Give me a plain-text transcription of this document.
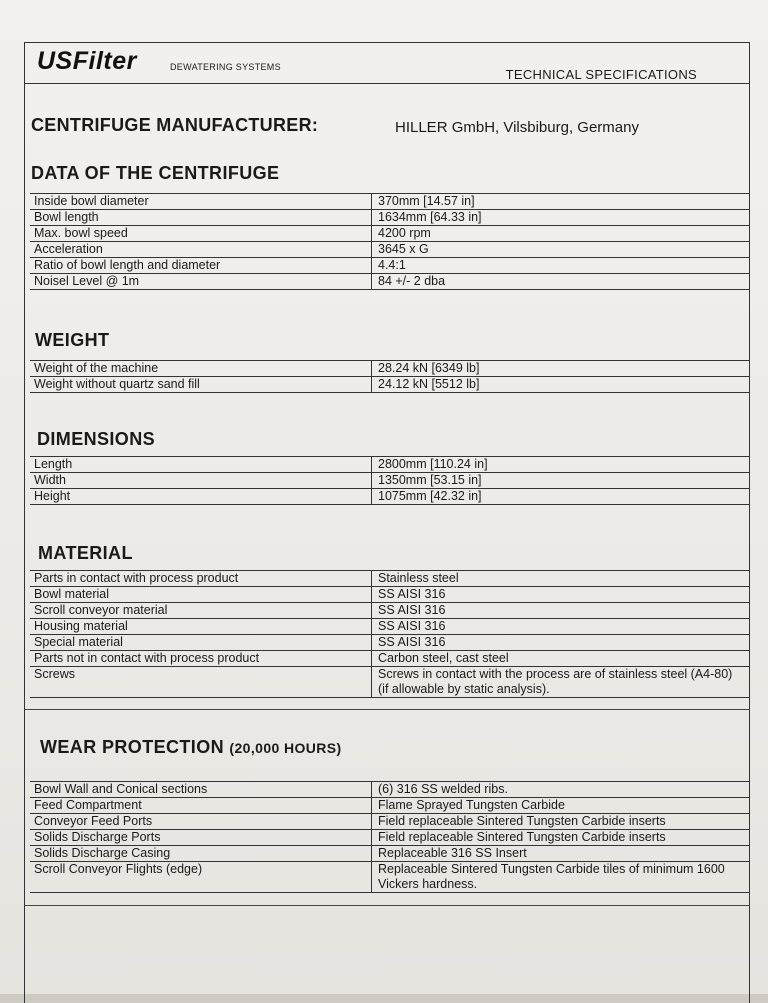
USFilter	DEWATERING SYSTEMS	TECHNICAL SPECIFICATIONS
CENTRIFUGE MANUFACTURER:	HILLER GmbH, Vilsbiburg, Germany
DATA OF THE CENTRIFUGE
Inside bowl diameter	370mm [14.57 in]
Bowl length	1634mm [64.33 in]
Max. bowl speed	4200 rpm
Acceleration	3645 x G
Ratio of bowl length and diameter	4.4:1
Noisel Level @ 1m	84 +/- 2 dba
WEIGHT
Weight of the machine	28.24 kN [6349 lb]
Weight without quartz sand fill	24.12 kN [5512 lb]
DIMENSIONS
Length	2800mm [110.24 in]
Width	1350mm [53.15 in]
Height	1075mm [42.32 in]
MATERIAL
Parts in contact with process product	Stainless steel
Bowl material	SS AISI 316
Scroll conveyor material	SS AISI 316
Housing material	SS AISI 316
Special material	SS AISI 316
Parts not in contact with process product	Carbon steel, cast steel
Screws	Screws in contact with the process are of stainless steel (A4-80) (if allowable by static analysis).
WEAR PROTECTION (20,000 HOURS)
Bowl Wall and Conical sections	(6) 316 SS welded ribs.
Feed Compartment	Flame Sprayed Tungsten Carbide
Conveyor Feed Ports	Field replaceable Sintered Tungsten Carbide inserts
Solids Discharge Ports	Field replaceable Sintered Tungsten Carbide inserts
Solids Discharge Casing	Replaceable 316 SS Insert
Scroll Conveyor Flights (edge)	Replaceable Sintered Tungsten Carbide tiles of minimum 1600 Vickers hardness.
